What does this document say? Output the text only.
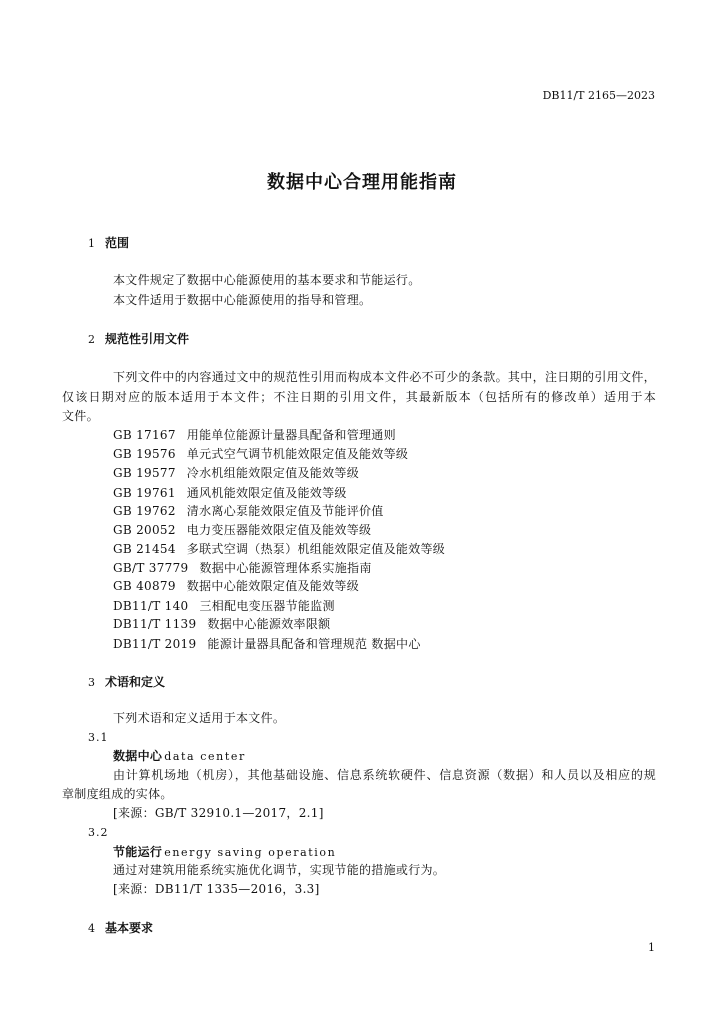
DB11/T 2165—2023
数据中心合理用能指南
1 范围
本文件规定了数据中心能源使用的基本要求和节能运行。
本文件适用于数据中心能源使用的指导和管理。
2 规范性引用文件
下列文件中的内容通过文中的规范性引用而构成本文件必不可少的条款。其中，注日期的引用文件，
仅该日期对应的版本适用于本文件；不注日期的引用文件，其最新版本（包括所有的修改单）适用于本
文件。
GB 17167 用能单位能源计量器具配备和管理通则
GB 19576 单元式空气调节机能效限定值及能效等级
GB 19577 冷水机组能效限定值及能效等级
GB 19761 通风机能效限定值及能效等级
GB 19762 清水离心泵能效限定值及节能评价值
GB 20052 电力变压器能效限定值及能效等级
GB 21454 多联式空调（热泵）机组能效限定值及能效等级
GB/T 37779 数据中心能源管理体系实施指南
GB 40879 数据中心能效限定值及能效等级
DB11/T 140 三相配电变压器节能监测
DB11/T 1139 数据中心能源效率限额
DB11/T 2019 能源计量器具配备和管理规范 数据中心
3 术语和定义
下列术语和定义适用于本文件。
3.1
数据中心 data center
由计算机场地（机房），其他基础设施、信息系统软硬件、信息资源（数据）和人员以及相应的规
章制度组成的实体。
[来源：GB/T 32910.1—2017，2.1]
3.2
节能运行 energy saving operation
通过对建筑用能系统实施优化调节，实现节能的措施或行为。
[来源：DB11/T 1335—2016，3.3]
4 基本要求
1
